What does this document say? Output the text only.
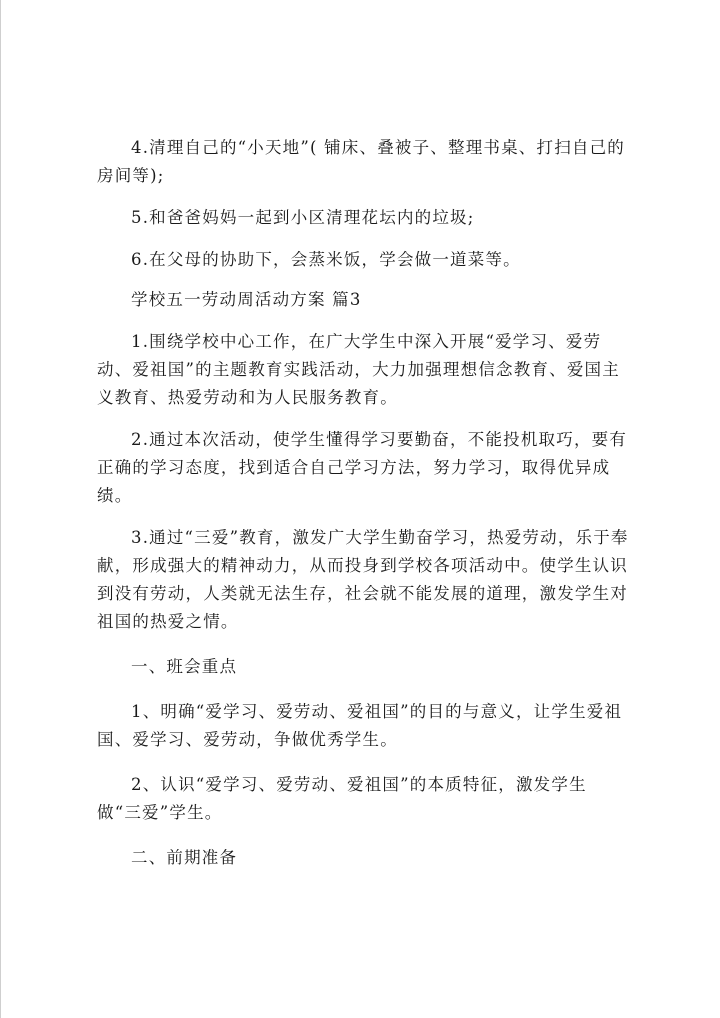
4.清理自己的“小天地”( 铺床、叠被子、整理书桌、打扫自己的房间等);

5.和爸爸妈妈一起到小区清理花坛内的垃圾;

6.在父母的协助下，会蒸米饭，学会做一道菜等。

学校五一劳动周活动方案 篇3

1.围绕学校中心工作，在广大学生中深入开展“爱学习、爱劳动、爱祖国”的主题教育实践活动，大力加强理想信念教育、爱国主义教育、热爱劳动和为人民服务教育。

2.通过本次活动，使学生懂得学习要勤奋，不能投机取巧，要有正确的学习态度，找到适合自己学习方法，努力学习，取得优异成绩。

3.通过“三爱”教育，激发广大学生勤奋学习，热爱劳动，乐于奉献，形成强大的精神动力，从而投身到学校各项活动中。使学生认识到没有劳动，人类就无法生存，社会就不能发展的道理，激发学生对祖国的热爱之情。

一、班会重点

1、明确“爱学习、爱劳动、爱祖国”的目的与意义，让学生爱祖国、爱学习、爱劳动，争做优秀学生。

2、认识“爱学习、爱劳动、爱祖国”的本质特征，激发学生做“三爱”学生。

二、前期准备
